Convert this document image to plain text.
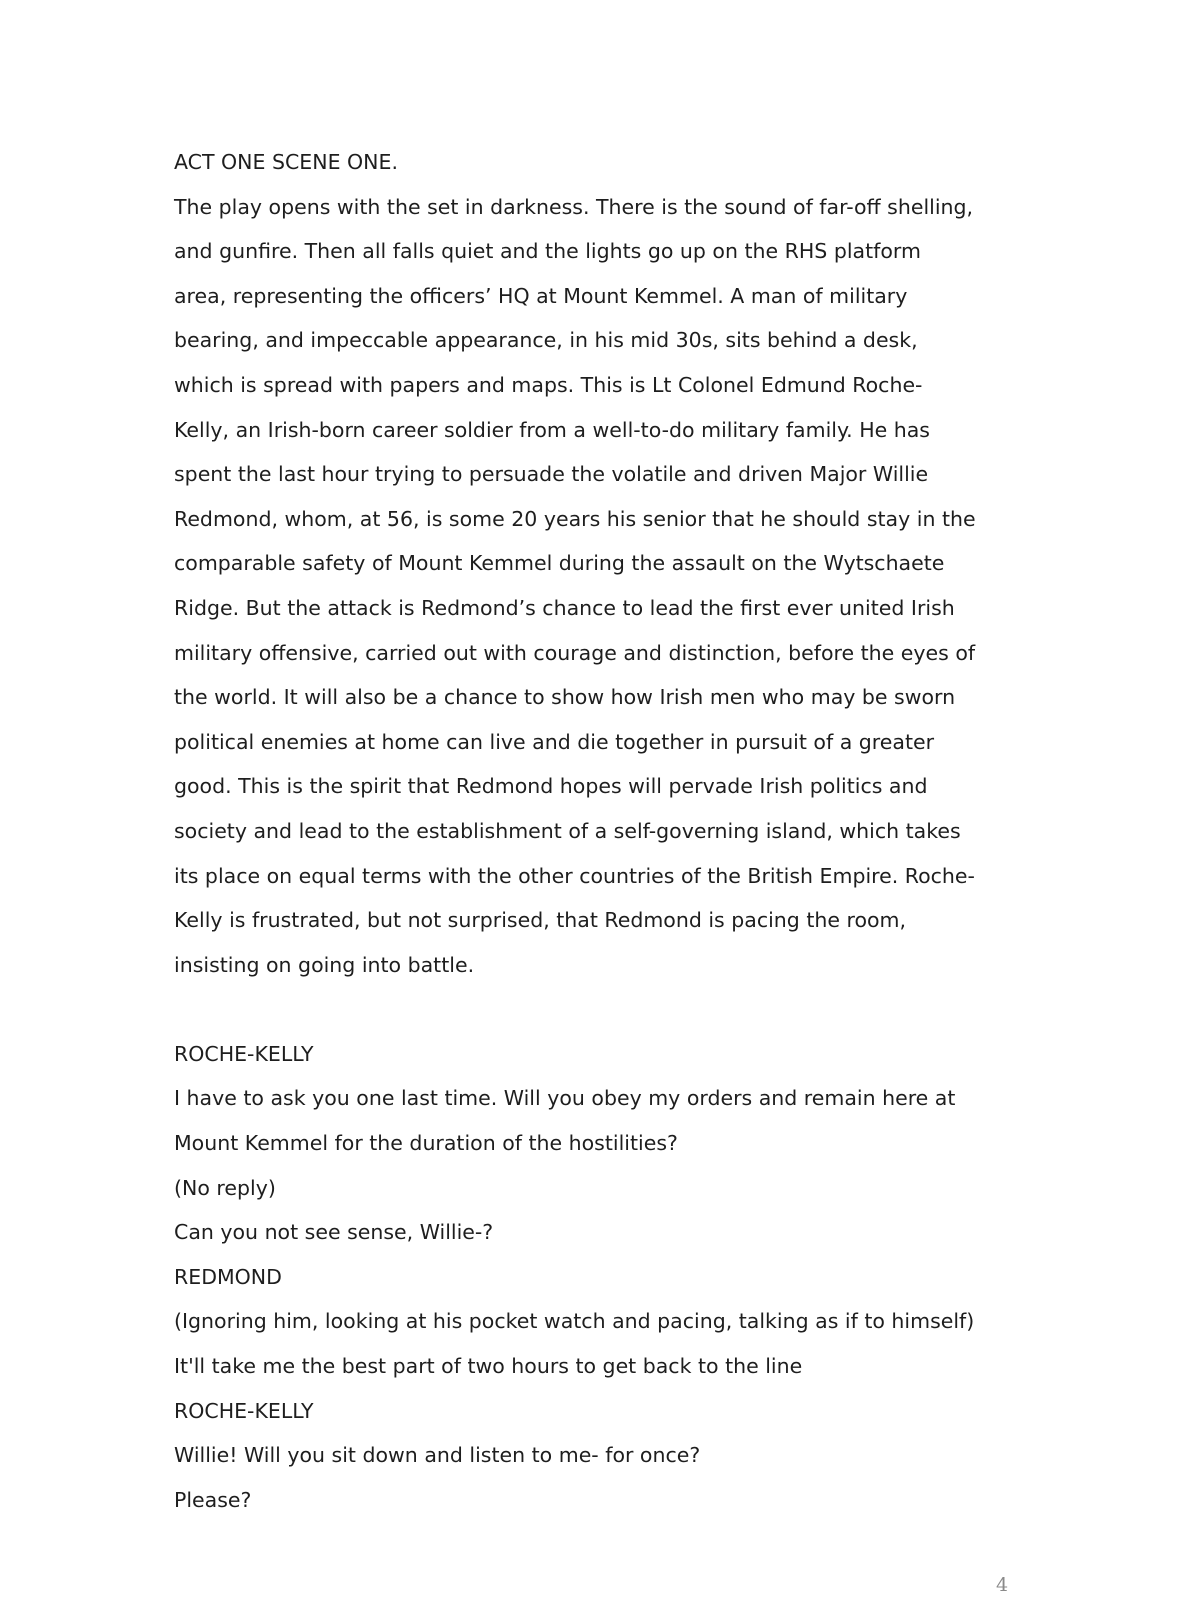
ACT ONE SCENE ONE.

The play opens with the set in darkness. There is the sound of far-off shelling,

and gunfire. Then all falls quiet and the lights go up on the RHS platform

area, representing the officers’ HQ at Mount Kemmel. A man of military

bearing, and impeccable appearance, in his mid 30s, sits behind a desk,

which is spread with papers and maps. This is Lt Colonel Edmund Roche-

Kelly, an Irish-born career soldier from a well-to-do military family. He has

spent the last hour trying to persuade the volatile and driven Major Willie

Redmond, whom, at 56, is some 20 years his senior that he should stay in the

comparable safety of Mount Kemmel during the assault on the Wytschaete

Ridge. But the attack is Redmond’s chance to lead the first ever united Irish

military offensive, carried out with courage and distinction, before the eyes of

the world. It will also be a chance to show how Irish men who may be sworn

political enemies at home can live and die together in pursuit of a greater

good. This is the spirit that Redmond hopes will pervade Irish politics and

society and lead to the establishment of a self-governing island, which takes

its place on equal terms with the other countries of the British Empire. Roche-

Kelly is frustrated, but not surprised, that Redmond is pacing the room,

insisting on going into battle.

ROCHE-KELLY

I have to ask you one last time. Will you obey my orders and remain here at

Mount Kemmel for the duration of the hostilities?

(No reply)

Can you not see sense, Willie-?

REDMOND

(Ignoring him, looking at his pocket watch and pacing, talking as if to himself)

It'll take me the best part of two hours to get back to the line

ROCHE-KELLY

Willie! Will you sit down and listen to me- for once?

Please?

4
